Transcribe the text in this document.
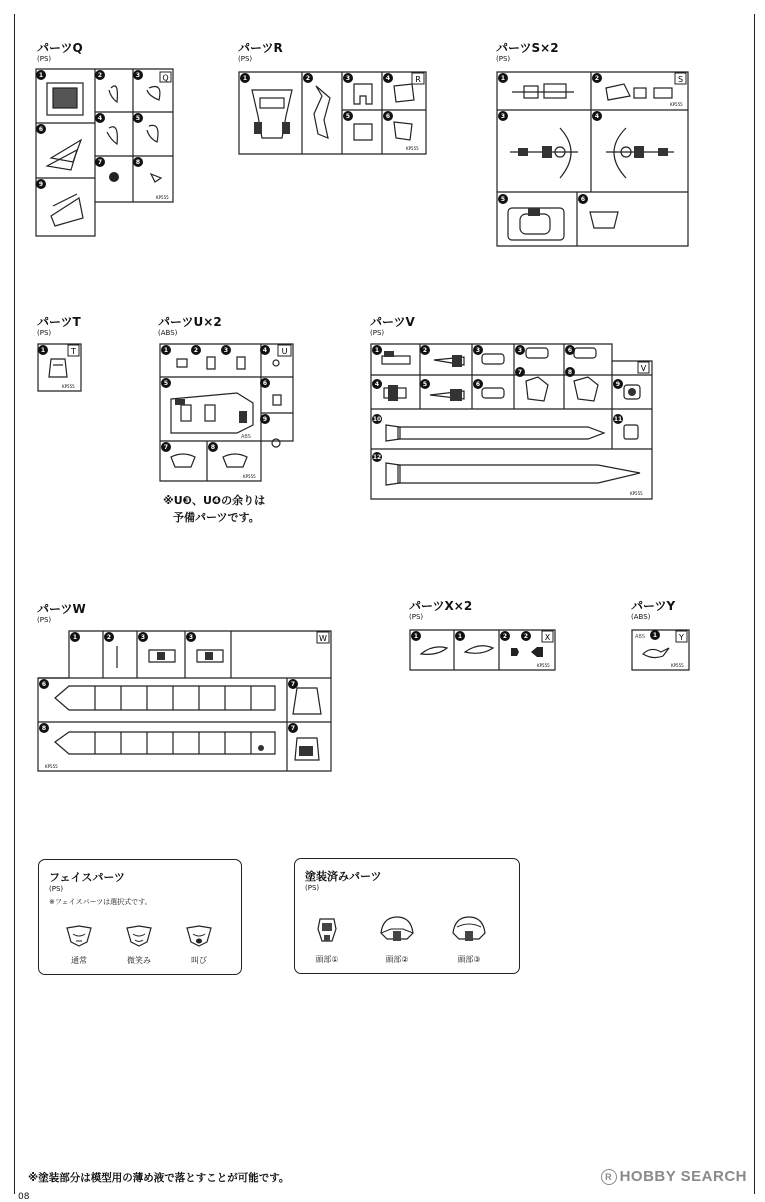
パーツQ
(PS)
Q
1	2	3
4	5
6
7	8
9
KP555
パーツR
(PS)
R
1	2	3	4
5	6
KP555
パーツS×2
(PS)
S
1	2
3	4
5	6
KP555
パーツT
(PS)
T
1
KP555
パーツU×2
(ABS)
U
ABS
1	2	3	4
5	6
7	8
9
KP555
※U❸、U❹の余りは
予備パーツです。
パーツV
(PS)
V
1	2	3
4	5	6
3	6
7	8
9
10	11
12
KP555
パーツW
(PS)
W
1	2	3	3
6	7
8	7
KP555
パーツX×2
(PS)
X
1	1	2	2
KP555
パーツY
(ABS)
ABS 1	Y
KP555
フェイスパーツ
(PS)
※フェイスパーツは選択式です。
通常	微笑み	叫び
塗装済みパーツ
(PS)
頭部①	頭部②	頭部③
※塗装部分は模型用の薄め液で落とすことが可能です。	R HOBBY SEARCH
08
